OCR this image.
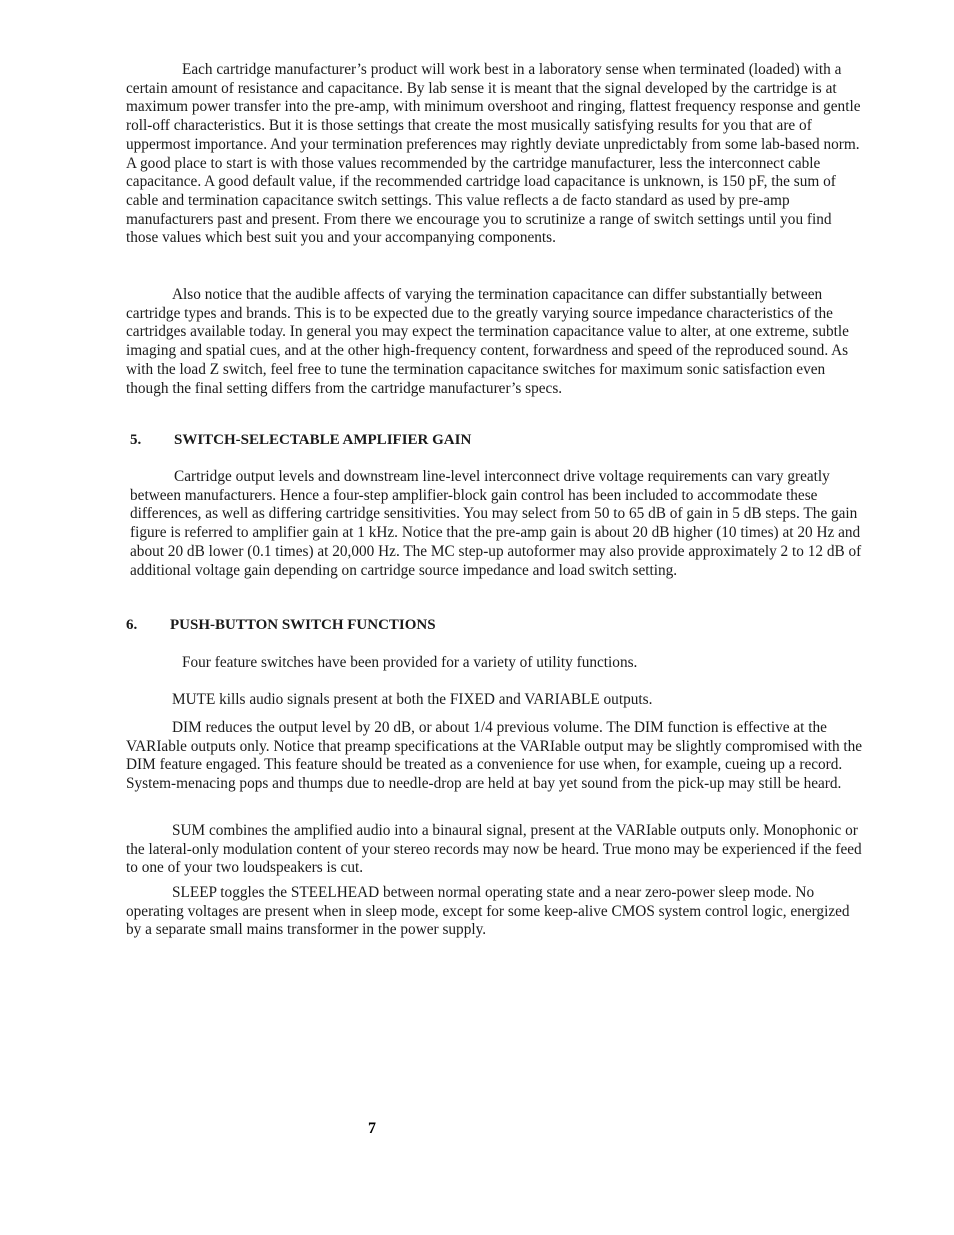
Each cartridge manufacturer’s product will work best in a laboratory sense when terminated (loaded) with a certain amount of resistance and capacitance. By lab sense it is meant that the signal developed by the cartridge is at maximum power transfer into the pre-amp, with minimum overshoot and ringing, flattest frequency response and gentle roll-off characteristics. But it is those settings that create the most musically satisfying results for you that are of uppermost importance. And your termination preferences may rightly deviate unpredictably from some lab-based norm. A good place to start is with those values recommended by the cartridge manufacturer, less the interconnect cable capacitance. A good default value, if the recommended cartridge load capacitance is unknown, is 150 pF, the sum of cable and termination capacitance switch settings. This value reflects a de facto standard as used by pre-amp manufacturers past and present. From there we encourage you to scrutinize a range of switch settings until you find those values which best suit you and your accompanying components.

Also notice that the audible affects of varying the termination capacitance can differ substantially between cartridge types and brands. This is to be expected due to the greatly varying source impedance characteristics of the cartridges available today. In general you may expect the termination capacitance value to alter, at one extreme, subtle imaging and spatial cues, and at the other high-frequency content, forwardness and speed of the reproduced sound. As with the load Z switch, feel free to tune the termination capacitance switches for maximum sonic satisfaction even though the final setting differs from the cartridge manufacturer’s specs.

5.	SWITCH-SELECTABLE AMPLIFIER GAIN

Cartridge output levels and downstream line-level interconnect drive voltage requirements can vary greatly between manufacturers. Hence a four-step amplifier-block gain control has been included to accommodate these differences, as well as differing cartridge sensitivities. You may select from 50 to 65 dB of gain in 5 dB steps. The gain figure is referred to amplifier gain at 1 kHz. Notice that the pre-amp gain is about 20 dB higher (10 times) at 20 Hz and about 20 dB lower (0.1 times) at 20,000 Hz. The MC step-up autoformer may also provide approximately 2 to 12 dB of additional voltage gain depending on cartridge source impedance and load switch setting.

6.	PUSH-BUTTON SWITCH FUNCTIONS

Four feature switches have been provided for a variety of utility functions.

MUTE kills audio signals present at both the FIXED and VARIABLE outputs.

DIM reduces the output level by 20 dB, or about 1/4 previous volume. The DIM function is effective at the VARIable outputs only. Notice that preamp specifications at the VARIable output may be slightly compromised with the DIM feature engaged. This feature should be treated as a convenience for use when, for example, cueing up a record. System-menacing pops and thumps due to needle-drop are held at bay yet sound from the pick-up may still be heard.

SUM combines the amplified audio into a binaural signal, present at the VARIable outputs only. Monophonic or the lateral-only modulation content of your stereo records may now be heard. True mono may be experienced if the feed to one of your two loudspeakers is cut.

SLEEP toggles the STEELHEAD between normal operating state and a near zero-power sleep mode. No operating voltages are present when in sleep mode, except for some keep-alive CMOS system control logic, energized by a separate small mains transformer in the power supply.

7
